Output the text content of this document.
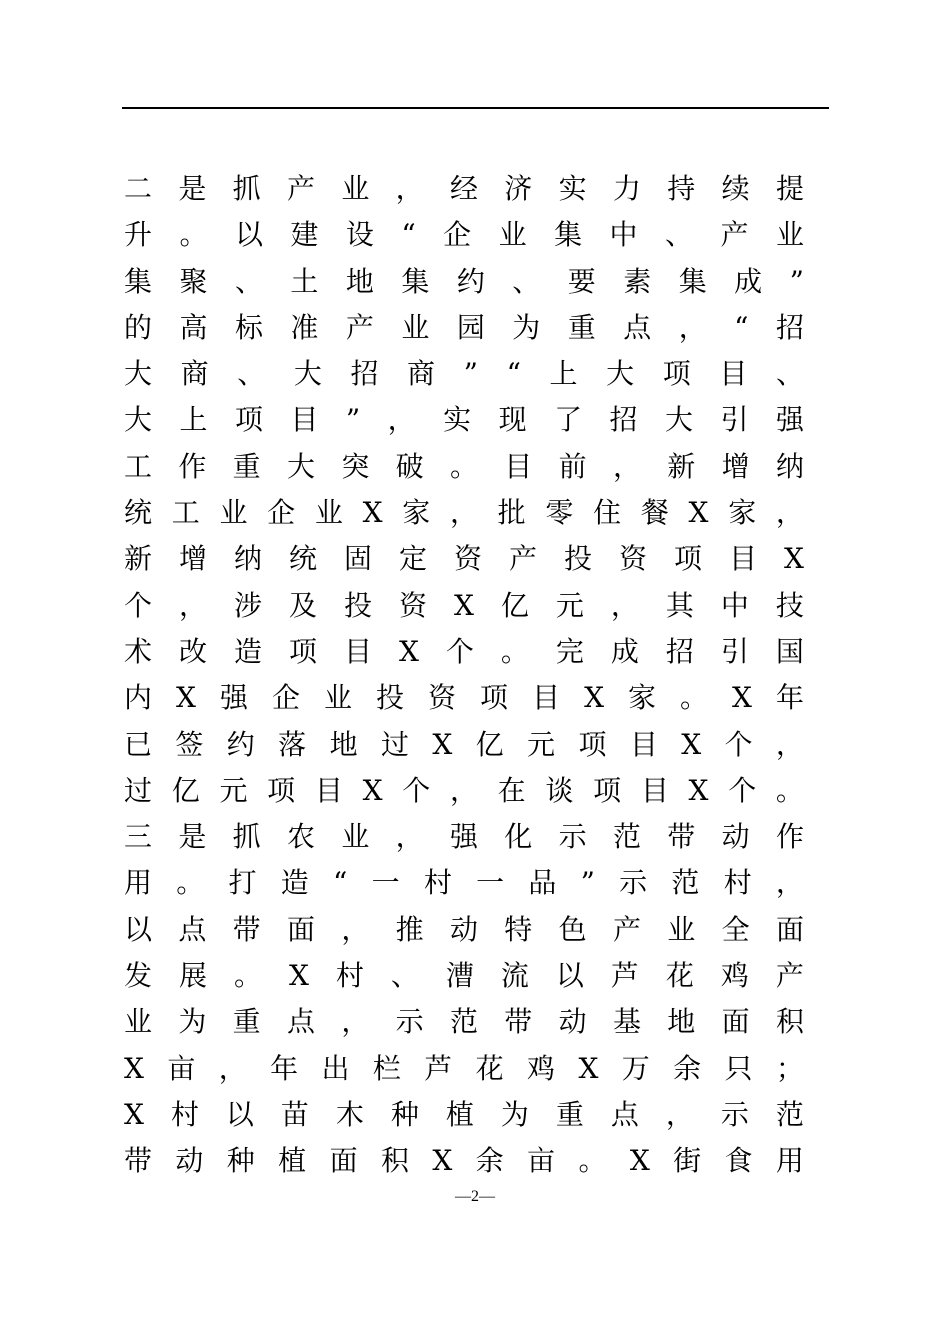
二 是 抓 产 业 ， 经 济 实 力 持 续 提
升 。 以 建 设 “ 企 业 集 中 、 产 业
集 聚 、 土 地 集 约 、 要 素 集 成 ”
的 高 标 准 产 业 园 为 重 点 ， “ 招
大 商 、 大 招 商 ” “ 上 大 项 目 、
大 上 项 目 ” ， 实 现 了 招 大 引 强
工 作 重 大 突 破 。 目 前 ， 新 增 纳
统 工 业 企 业 X 家 ， 批 零 住 餐 X 家 ，
新 增 纳 统 固 定 资 产 投 资 项 目 X
个 ， 涉 及 投 资 X 亿 元 ， 其 中 技
术 改 造 项 目 X 个 。 完 成 招 引 国
内 X 强 企 业 投 资 项 目 X 家 。 X 年
已 签 约 落 地 过 X 亿 元 项 目 X 个 ，
过 亿 元 项 目 X 个 ， 在 谈 项 目 X 个 。
三 是 抓 农 业 ， 强 化 示 范 带 动 作
用 。 打 造 “ 一 村 一 品 ” 示 范 村 ，
以 点 带 面 ， 推 动 特 色 产 业 全 面
发 展 。 X 村 、 漕 流 以 芦 花 鸡 产
业 为 重 点 ， 示 范 带 动 基 地 面 积
X 亩 ， 年 出 栏 芦 花 鸡 X 万 余 只 ；
X 村 以 苗 木 种 植 为 重 点 ， 示 范
带 动 种 植 面 积 X 余 亩 。 X 街 食 用
—2—
